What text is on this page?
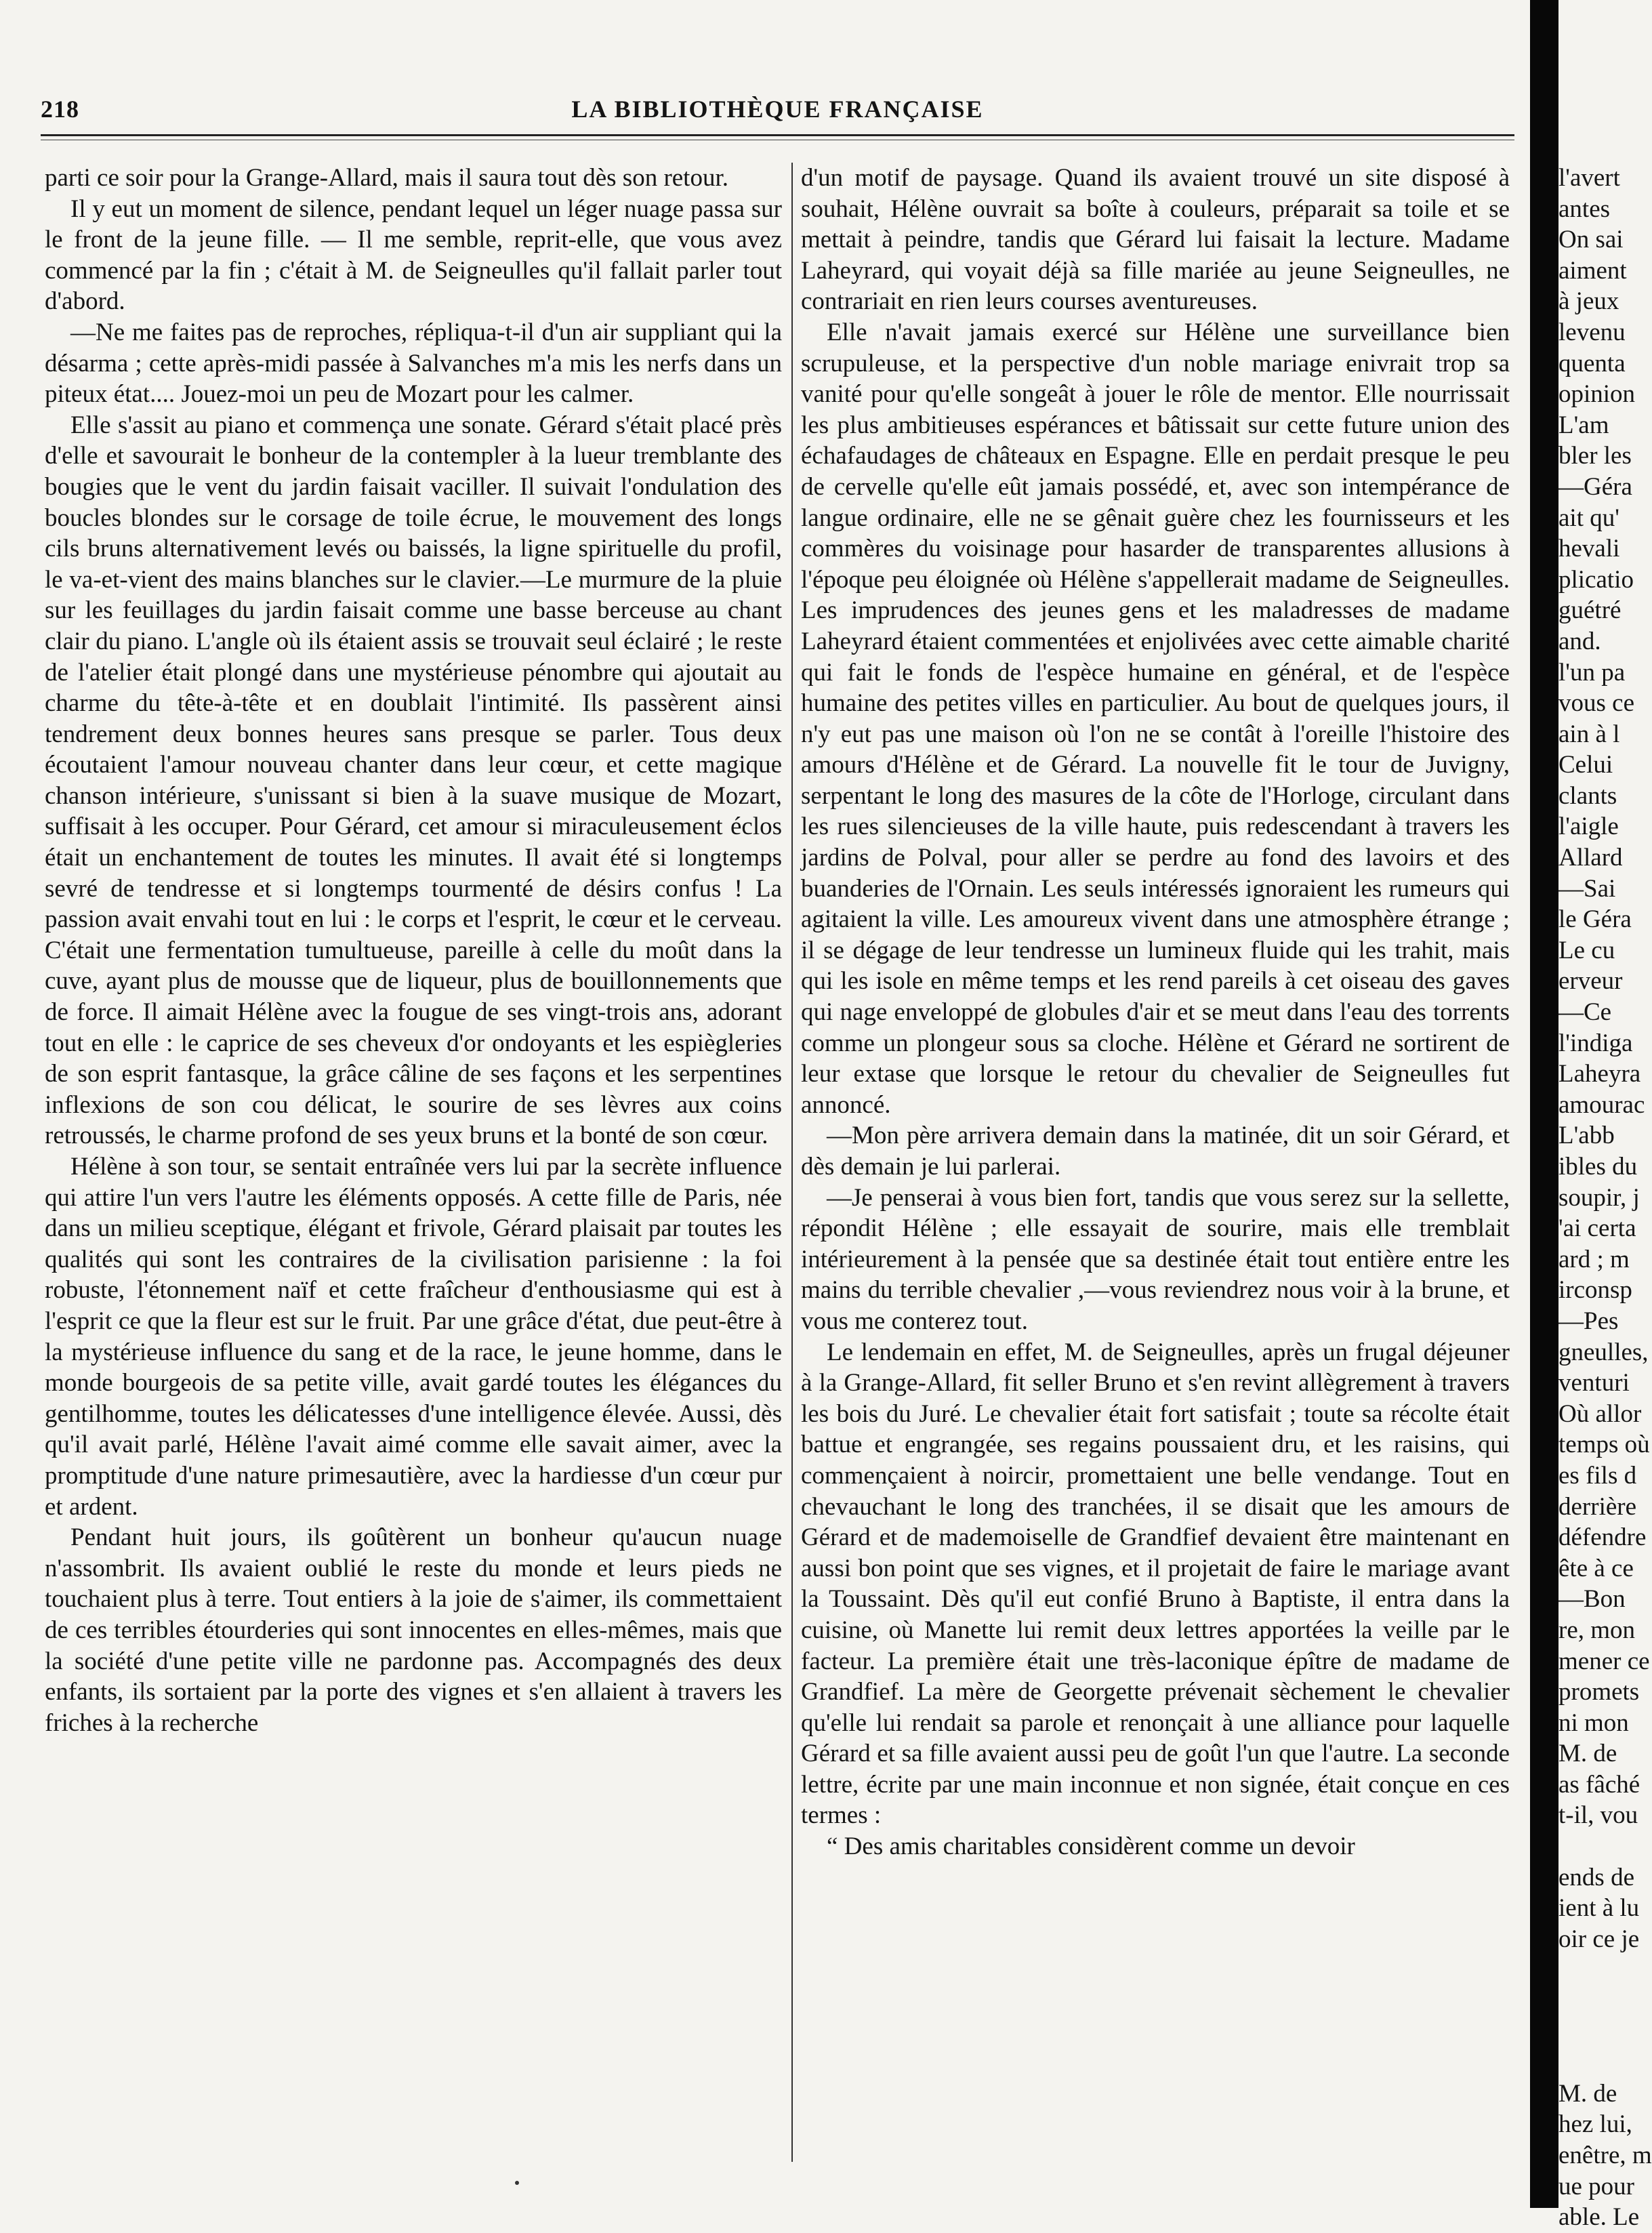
218	LA BIBLIOTHÈQUE FRANÇAISE

parti ce soir pour la Grange-Allard, mais il saura tout dès son retour.

Il y eut un moment de silence, pendant lequel un léger nuage passa sur le front de la jeune fille. — Il me semble, reprit-elle, que vous avez commencé par la fin ; c'était à M. de Seigneulles qu'il fallait parler tout d'abord.

—Ne me faites pas de reproches, répliqua-t-il d'un air suppliant qui la désarma ; cette après-midi passée à Salvanches m'a mis les nerfs dans un piteux état.... Jouez-moi un peu de Mozart pour les calmer.

Elle s'assit au piano et commença une sonate. Gérard s'était placé près d'elle et savourait le bonheur de la contempler à la lueur tremblante des bougies que le vent du jardin faisait vaciller. Il suivait l'ondulation des boucles blondes sur le corsage de toile écrue, le mouvement des longs cils bruns alternativement levés ou baissés, la ligne spirituelle du profil, le va-et-vient des mains blanches sur le clavier.—Le murmure de la pluie sur les feuillages du jardin faisait comme une basse berceuse au chant clair du piano. L'angle où ils étaient assis se trouvait seul éclairé ; le reste de l'atelier était plongé dans une mystérieuse pénombre qui ajoutait au charme du tête-à-tête et en doublait l'intimité. Ils passèrent ainsi tendrement deux bonnes heures sans presque se parler. Tous deux écoutaient l'amour nouveau chanter dans leur cœur, et cette magique chanson intérieure, s'unissant si bien à la suave musique de Mozart, suffisait à les occuper. Pour Gérard, cet amour si miraculeusement éclos était un enchantement de toutes les minutes. Il avait été si longtemps sevré de tendresse et si longtemps tourmenté de désirs confus ! La passion avait envahi tout en lui : le corps et l'esprit, le cœur et le cerveau. C'était une fermentation tumultueuse, pareille à celle du moût dans la cuve, ayant plus de mousse que de liqueur, plus de bouillonnements que de force. Il aimait Hélène avec la fougue de ses vingt-trois ans, adorant tout en elle : le caprice de ses cheveux d'or ondoyants et les espiègleries de son esprit fantasque, la grâce câline de ses façons et les serpentines inflexions de son cou délicat, le sourire de ses lèvres aux coins retroussés, le charme profond de ses yeux bruns et la bonté de son cœur.

Hélène à son tour, se sentait entraînée vers lui par la secrète influence qui attire l'un vers l'autre les éléments opposés. A cette fille de Paris, née dans un milieu sceptique, élégant et frivole, Gérard plaisait par toutes les qualités qui sont les contraires de la civilisation parisienne : la foi robuste, l'étonnement naïf et cette fraîcheur d'enthousiasme qui est à l'esprit ce que la fleur est sur le fruit. Par une grâce d'état, due peut-être à la mystérieuse influence du sang et de la race, le jeune homme, dans le monde bourgeois de sa petite ville, avait gardé toutes les élégances du gentilhomme, toutes les délicatesses d'une intelligence élevée. Aussi, dès qu'il avait parlé, Hélène l'avait aimé comme elle savait aimer, avec la promptitude d'une nature primesautière, avec la hardiesse d'un cœur pur et ardent.

Pendant huit jours, ils goûtèrent un bonheur qu'aucun nuage n'assombrit. Ils avaient oublié le reste du monde et leurs pieds ne touchaient plus à terre. Tout entiers à la joie de s'aimer, ils commettaient de ces terribles étourderies qui sont innocentes en elles-mêmes, mais que la société d'une petite ville ne pardonne pas. Accompagnés des deux enfants, ils sortaient par la porte des vignes et s'en allaient à travers les friches à la recherche

d'un motif de paysage. Quand ils avaient trouvé un site disposé à souhait, Hélène ouvrait sa boîte à couleurs, préparait sa toile et se mettait à peindre, tandis que Gérard lui faisait la lecture. Madame Laheyrard, qui voyait déjà sa fille mariée au jeune Seigneulles, ne contrariait en rien leurs courses aventureuses.

Elle n'avait jamais exercé sur Hélène une surveillance bien scrupuleuse, et la perspective d'un noble mariage enivrait trop sa vanité pour qu'elle songeât à jouer le rôle de mentor. Elle nourrissait les plus ambitieuses espérances et bâtissait sur cette future union des échafaudages de châteaux en Espagne. Elle en perdait presque le peu de cervelle qu'elle eût jamais possédé, et, avec son intempérance de langue ordinaire, elle ne se gênait guère chez les fournisseurs et les commères du voisinage pour hasarder de transparentes allusions à l'époque peu éloignée où Hélène s'appellerait madame de Seigneulles. Les imprudences des jeunes gens et les maladresses de madame Laheyrard étaient commentées et enjolivées avec cette aimable charité qui fait le fonds de l'espèce humaine en général, et de l'espèce humaine des petites villes en particulier. Au bout de quelques jours, il n'y eut pas une maison où l'on ne se contât à l'oreille l'histoire des amours d'Hélène et de Gérard. La nouvelle fit le tour de Juvigny, serpentant le long des masures de la côte de l'Horloge, circulant dans les rues silencieuses de la ville haute, puis redescendant à travers les jardins de Polval, pour aller se perdre au fond des lavoirs et des buanderies de l'Ornain. Les seuls intéressés ignoraient les rumeurs qui agitaient la ville. Les amoureux vivent dans une atmosphère étrange ; il se dégage de leur tendresse un lumineux fluide qui les trahit, mais qui les isole en même temps et les rend pareils à cet oiseau des gaves qui nage enveloppé de globules d'air et se meut dans l'eau des torrents comme un plongeur sous sa cloche. Hélène et Gérard ne sortirent de leur extase que lorsque le retour du chevalier de Seigneulles fut annoncé.

—Mon père arrivera demain dans la matinée, dit un soir Gérard, et dès demain je lui parlerai.

—Je penserai à vous bien fort, tandis que vous serez sur la sellette, répondit Hélène ; elle essayait de sourire, mais elle tremblait intérieurement à la pensée que sa destinée était tout entière entre les mains du terrible chevalier ,—vous reviendrez nous voir à la brune, et vous me conterez tout.

Le lendemain en effet, M. de Seigneulles, après un frugal déjeuner à la Grange-Allard, fit seller Bruno et s'en revint allègrement à travers les bois du Juré. Le chevalier était fort satisfait ; toute sa récolte était battue et engrangée, ses regains poussaient dru, et les raisins, qui commençaient à noircir, promettaient une belle vendange. Tout en chevauchant le long des tranchées, il se disait que les amours de Gérard et de mademoiselle de Grandfief devaient être maintenant en aussi bon point que ses vignes, et il projetait de faire le mariage avant la Toussaint. Dès qu'il eut confié Bruno à Baptiste, il entra dans la cuisine, où Manette lui remit deux lettres apportées la veille par le facteur. La première était une très-laconique épître de madame de Grandfief. La mère de Georgette prévenait sèchement le chevalier qu'elle lui rendait sa parole et renonçait à une alliance pour laquelle Gérard et sa fille avaient aussi peu de goût l'un que l'autre. La seconde lettre, écrite par une main inconnue et non signée, était conçue en ces termes :

“ Des amis charitables considèrent comme un devoir

l'avert
antes
On sai
aiment
à jeux
levenu
quenta
opinion
L'am
bler les
—Géra
ait qu'
hevali
plicatio
guétré
and.
l'un pa
vous ce
ain à l
Celui
clants
l'aigle
Allard
—Sai
le Géra
Le cu
erveur
—Ce
l'indiga
Laheyra
amourac
L'abb
ibles du
soupir, j
'ai certa
ard ; m
irconsp
—Pes
gneulles,
venturi
Où allor
temps où
es fils d
derrière
défendre
ête à ce
—Bon
re, mon
mener ce
promets
ni mon
M. de
as fâché
t-il, vou
ends de
ient à lu
oir ce je
M. de
hez lui,
enêtre, m
ue pour
able. Le
